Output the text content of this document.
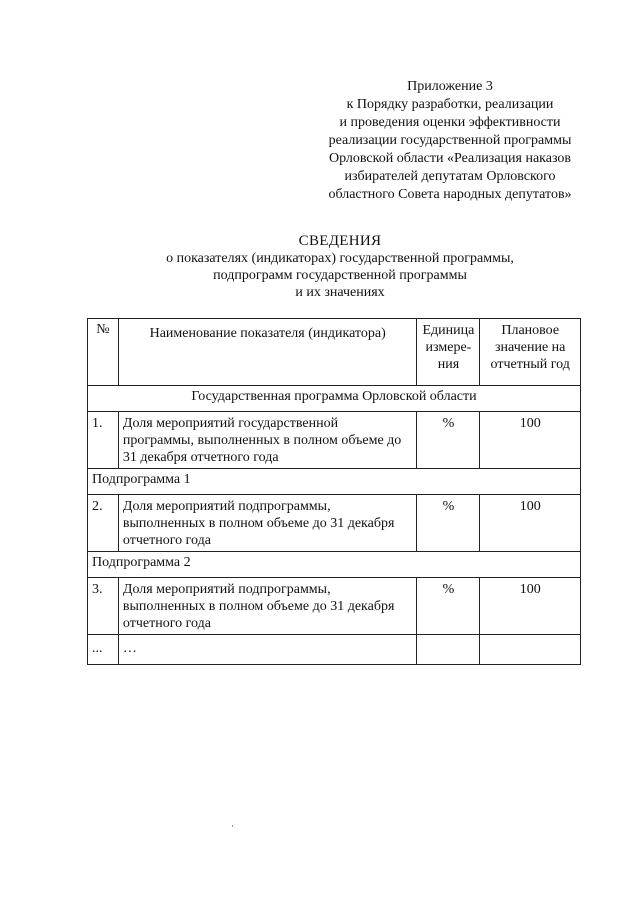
Приложение 3
к Порядку разработки, реализации
и проведения оценки эффективности
реализации государственной программы
Орловской области «Реализация наказов
избирателей депутатам Орловского
областного Совета народных депутатов»
СВЕДЕНИЯ
о показателях (индикаторах) государственной программы,
подпрограмм государственной программы
и их значениях
№	Наименование показателя (индикатора)	Единица измере-ния	Плановое значение на отчетный год
Государственная программа Орловской области			
1.	Доля мероприятий государственной программы, выполненных в полном объеме до 31 декабря отчетного года	%	100
Подпрограмма 1			
2.	Доля мероприятий подпрограммы, выполненных в полном объеме до 31 декабря отчетного года	%	100
Подпрограмма 2			
3.	Доля мероприятий подпрограммы, выполненных в полном объеме до 31 декабря отчетного года	%	100
...	…		
